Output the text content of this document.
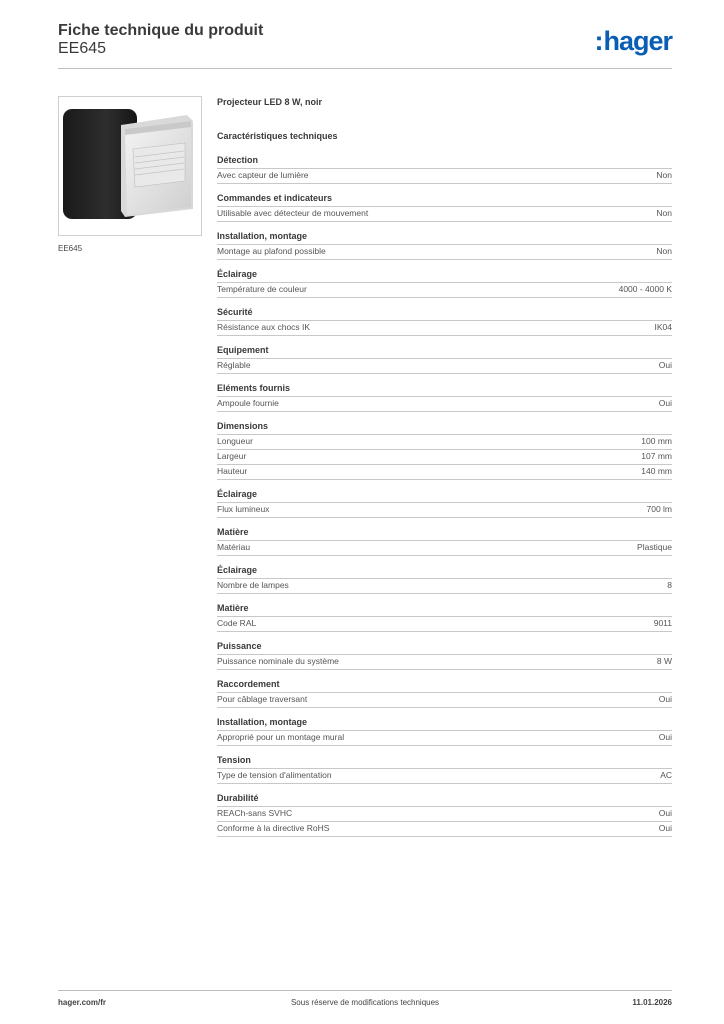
Fiche technique du produit
EE645	:hager
EE645
Projecteur LED 8 W, noir
Caractéristiques techniques
Détection
Avec capteur de lumière	Non
Commandes et indicateurs
Utilisable avec détecteur de mouvement	Non
Installation, montage
Montage au plafond possible	Non
Éclairage
Température de couleur	4000 - 4000 K
Sécurité
Résistance aux chocs IK	IK04
Equipement
Réglable	Oui
Eléments fournis
Ampoule fournie	Oui
Dimensions
Longueur	100 mm
Largeur	107 mm
Hauteur	140 mm
Éclairage
Flux lumineux	700 lm
Matière
Matériau	Plastique
Éclairage
Nombre de lampes	8
Matière
Code RAL	9011
Puissance
Puissance nominale du système	8 W
Raccordement
Pour câblage traversant	Oui
Installation, montage
Approprié pour un montage mural	Oui
Tension
Type de tension d'alimentation	AC
Durabilité
REACh-sans SVHC	Oui
Conforme à la directive RoHS	Oui
hager.com/fr	Sous réserve de modifications techniques	11.01.2026
